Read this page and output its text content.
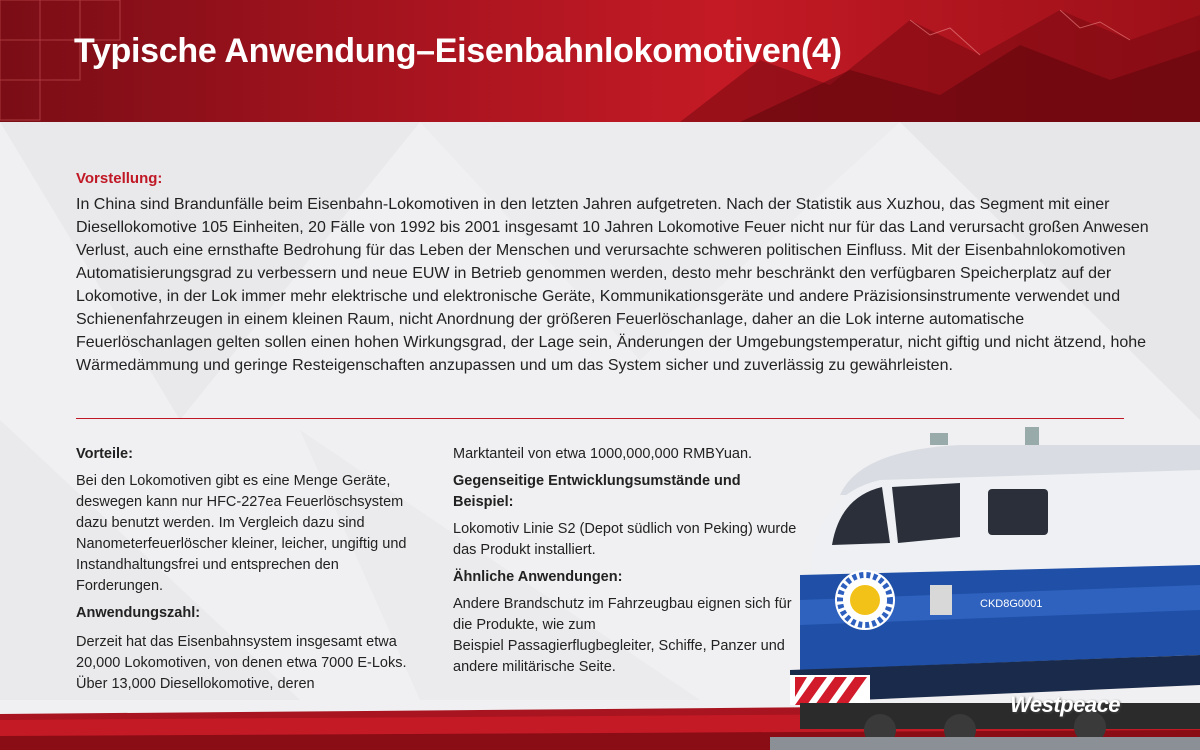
Typische Anwendung–Eisenbahnlokomotiven(4)
Vorstellung:

In China sind Brandunfälle beim Eisenbahn-Lokomotiven in den letzten Jahren aufgetreten. Nach der Statistik aus Xuzhou, das Segment mit einer Diesellokomotive 105 Einheiten, 20 Fälle von 1992 bis 2001 insgesamt 10 Jahren Lokomotive Feuer nicht nur für das Land verursacht großen Anwesen Verlust, auch eine ernsthafte Bedrohung für das Leben der Menschen und verursachte schweren politischen Einfluss. Mit der Eisenbahnlokomotiven Automatisierungsgrad zu verbessern und neue EUW in Betrieb genommen werden, desto mehr beschränkt den verfügbaren Speicherplatz auf der Lokomotive, in der Lok immer mehr elektrische und elektronische Geräte, Kommunikationsgeräte und andere Präzisionsinstrumente verwendet und Schienenfahrzeugen in einem kleinen Raum, nicht Anordnung der größeren Feuerlöschanlage, daher an die Lok interne automatische Feuerlöschanlagen gelten sollen einen hohen Wirkungsgrad, der Lage sein, Änderungen der Umgebungstemperatur, nicht giftig und nicht ätzend, hohe Wärmedämmung und geringe Resteigenschaften anzupassen und um das System sicher und zuverlässig zu gewährleisten.

Vorteile:

Bei den Lokomotiven gibt es eine Menge Geräte, deswegen kann nur HFC-227ea Feuerlöschsystem dazu benutzt werden. Im Vergleich dazu sind Nanometerfeuerlöscher kleiner, leicher, ungiftig und Instandhaltungsfrei und entsprechen den Forderungen.

Anwendungszahl:

Derzeit hat das Eisenbahnsystem insgesamt etwa 20,000 Lokomotiven, von denen etwa 7000 E-Loks. Über 13,000 Diesellokomotive, deren

Marktanteil von etwa 1000,000,000 RMBYuan.

Gegenseitige Entwicklungsumstände und Beispiel:

Lokomotiv Linie S2 (Depot südlich von Peking) wurde das Produkt installiert.

Ähnliche Anwendungen:

Andere Brandschutz im Fahrzeugbau eignen sich für die Produkte, wie zum
Beispiel Passagierflugbegleiter, Schiffe, Panzer und andere militärische Seite.

CKD8G0001
Westpeace
